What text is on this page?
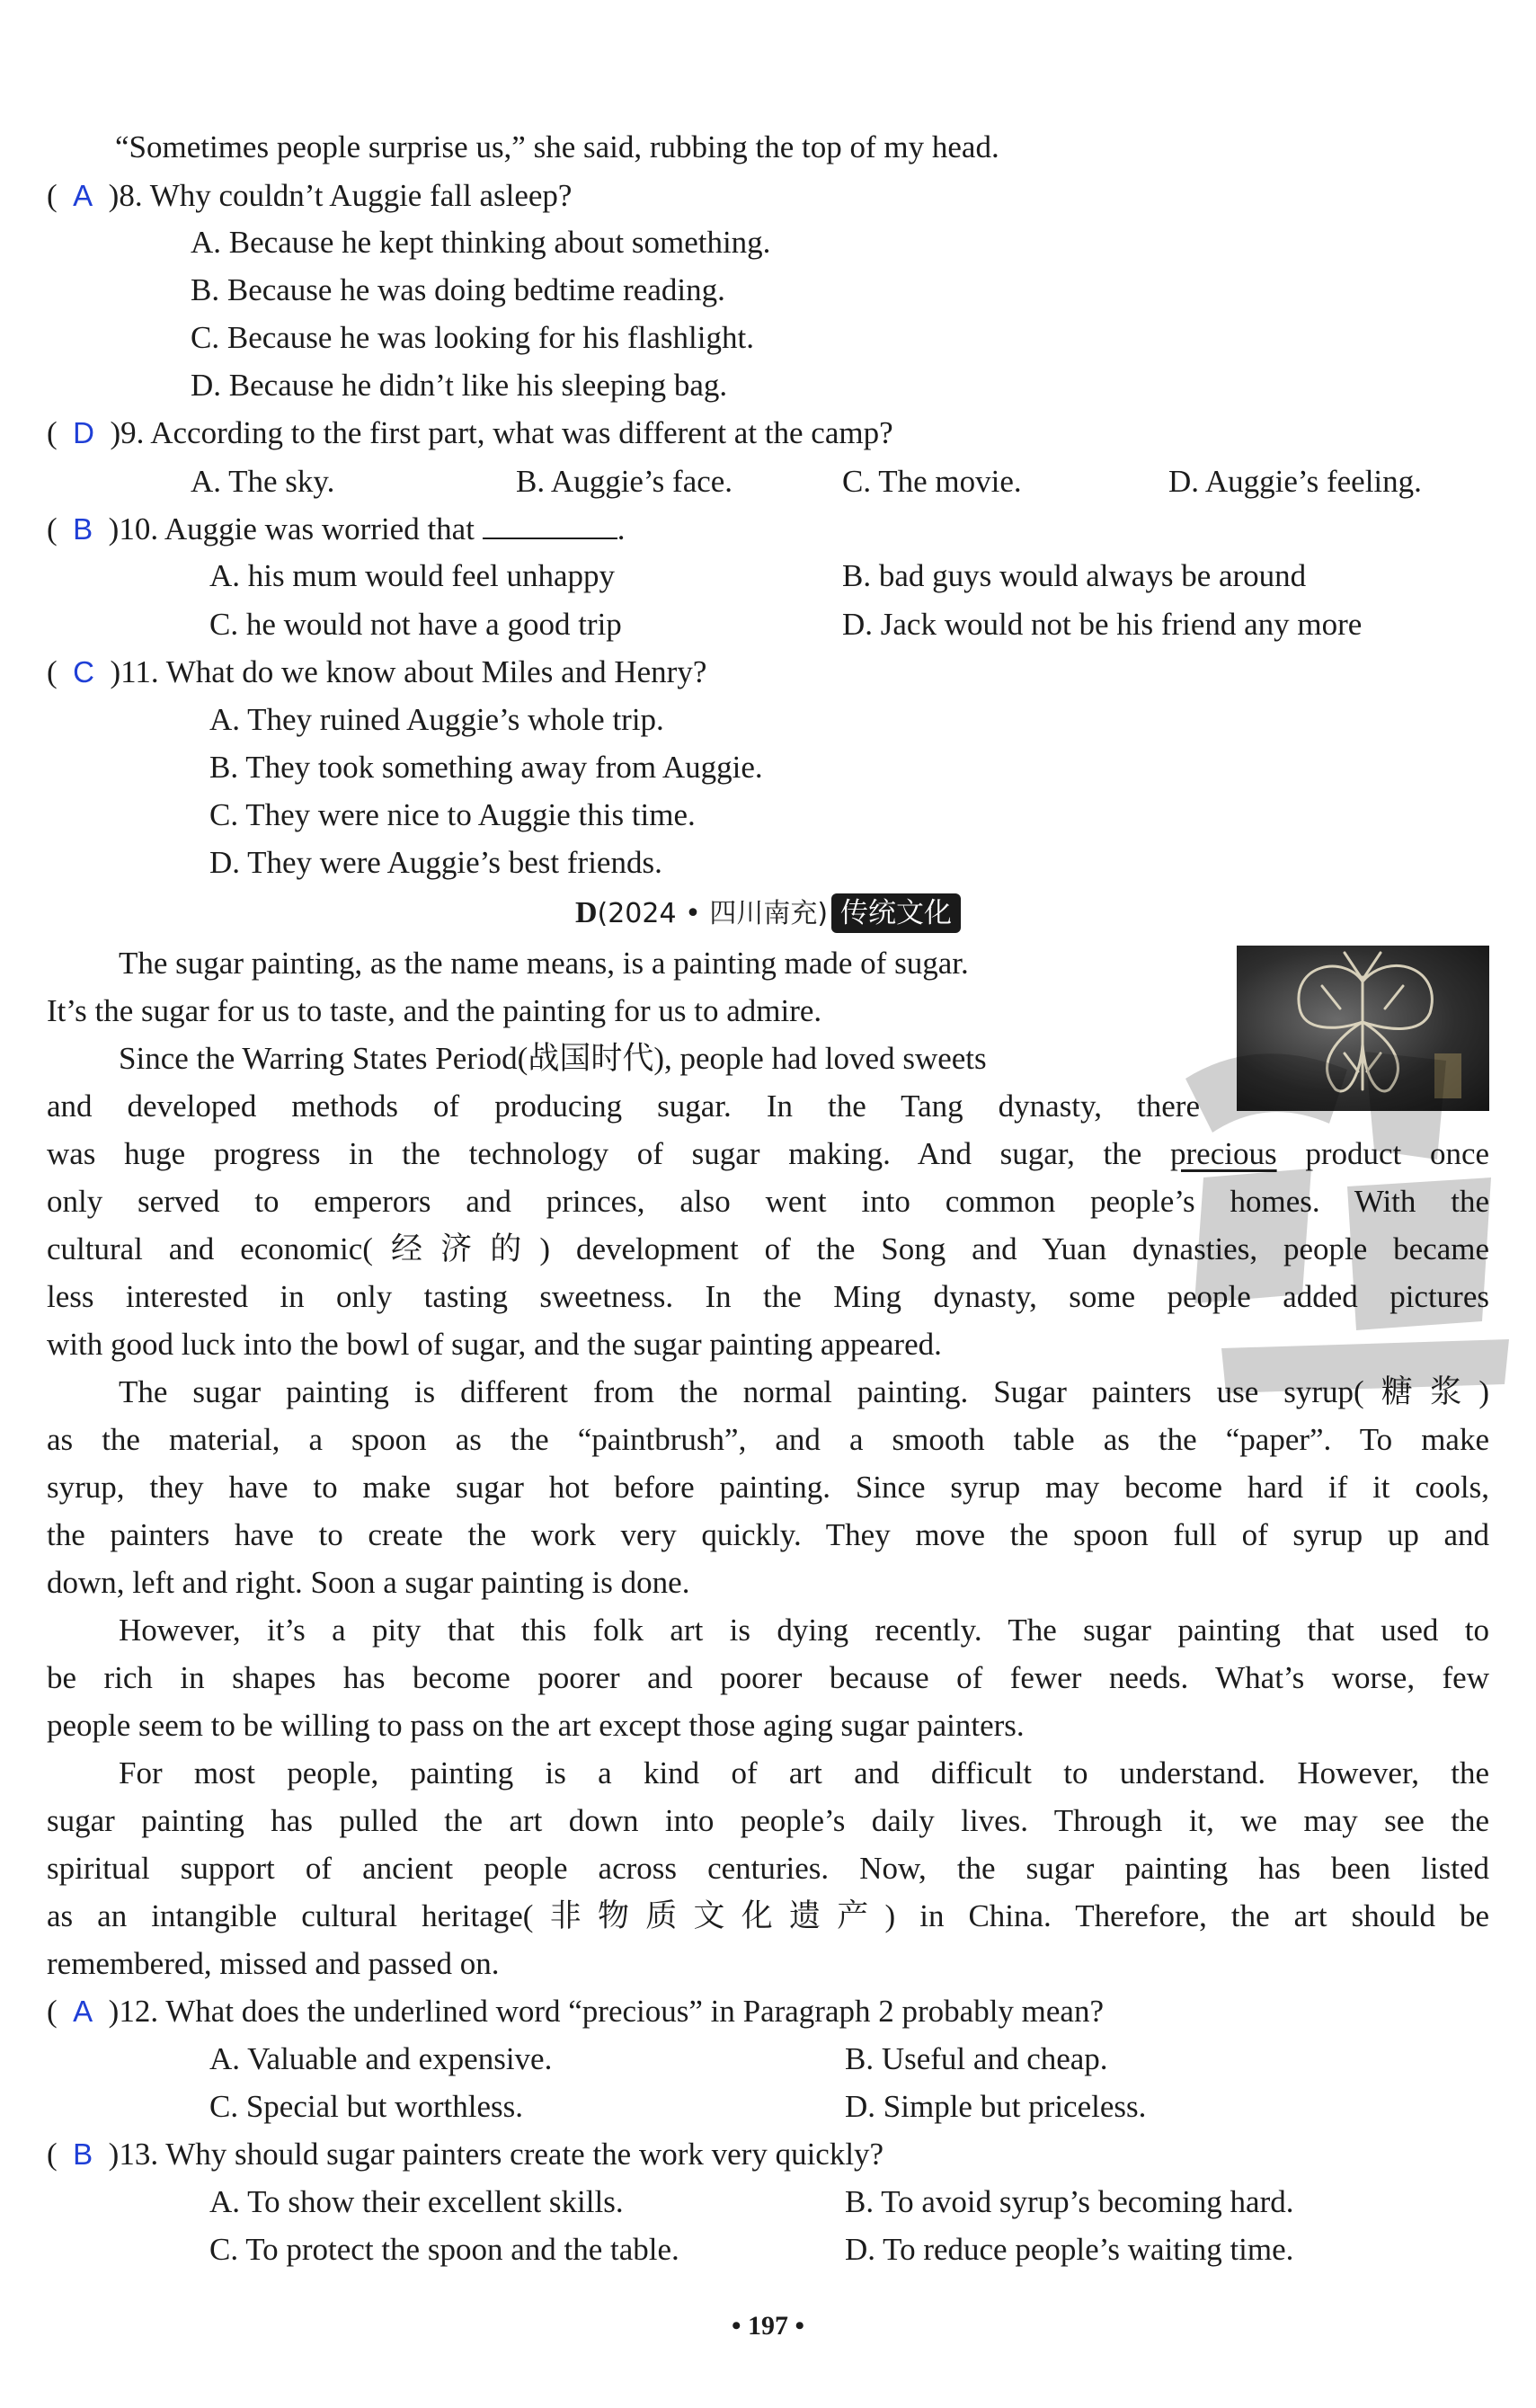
“Sometimes people surprise us,” she said, rubbing the top of my head.
( A )8. Why couldn’t Auggie fall asleep?
A. Because he kept thinking about something.
B. Because he was doing bedtime reading.
C. Because he was looking for his flashlight.
D. Because he didn’t like his sleeping bag.
( D )9. According to the first part, what was different at the camp?
A. The sky.	B. Auggie’s face.	C. The movie.	D. Auggie’s feeling.
( B )10. Auggie was worried that	.
A. his mum would feel unhappy	B. bad guys would always be around
C. he would not have a good trip	D. Jack would not be his friend any more
( C )11. What do we know about Miles and Henry?
A. They ruined Auggie’s whole trip.
B. They took something away from Auggie.
C. They were nice to Auggie this time.
D. They were Auggie’s best friends.
D(2024 • 四川南充) 传统文化
The sugar painting, as the name means, is a painting made of sugar.
It’s the sugar for us to taste, and the painting for us to admire.
Since the Warring States Period(战国时代), people had loved sweets
and developed methods of producing sugar. In the Tang dynasty, there
was huge progress in the technology of sugar making. And sugar, the precious product once
only served to emperors and princes, also went into common people’s homes. With the
cultural and economic(经济的) development of the Song and Yuan dynasties, people became
less interested in only tasting sweetness. In the Ming dynasty, some people added pictures
with good luck into the bowl of sugar, and the sugar painting appeared.
The sugar painting is different from the normal painting. Sugar painters use syrup(糖浆)
as the material, a spoon as the “paintbrush”, and a smooth table as the “paper”. To make
syrup, they have to make sugar hot before painting. Since syrup may become hard if it cools,
the painters have to create the work very quickly. They move the spoon full of syrup up and
down, left and right. Soon a sugar painting is done.
However, it’s a pity that this folk art is dying recently. The sugar painting that used to
be rich in shapes has become poorer and poorer because of fewer needs. What’s worse, few
people seem to be willing to pass on the art except those aging sugar painters.
For most people, painting is a kind of art and difficult to understand. However, the
sugar painting has pulled the art down into people’s daily lives. Through it, we may see the
spiritual support of ancient people across centuries. Now, the sugar painting has been listed
as an intangible cultural heritage(非物质文化遗产) in China. Therefore, the art should be
remembered, missed and passed on.
( A )12. What does the underlined word “precious” in Paragraph 2 probably mean?
A. Valuable and expensive.	B. Useful and cheap.
C. Special but worthless.	D. Simple but priceless.
( B )13. Why should sugar painters create the work very quickly?
A. To show their excellent skills.	B. To avoid syrup’s becoming hard.
C. To protect the spoon and the table.	D. To reduce people’s waiting time.
• 197 •
